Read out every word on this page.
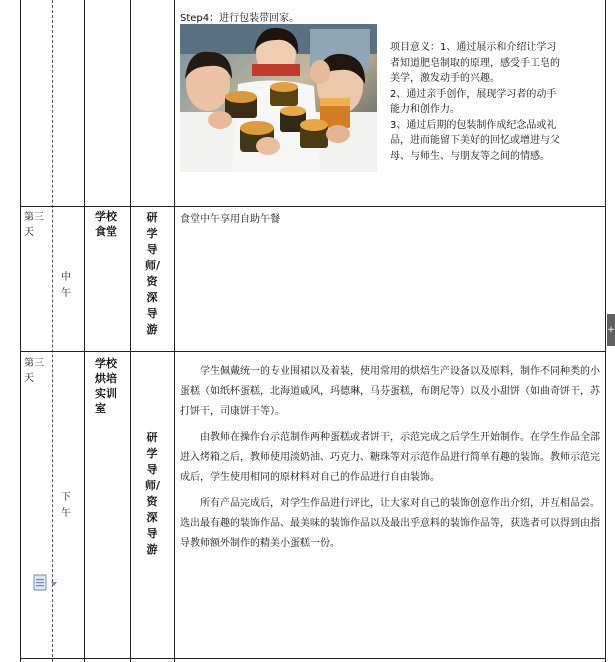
Step4：进行包装带回家。
项目意义：1、通过展示和介绍让学习
者知道肥皂制取的原理，感受手工皂的
美学，激发动手的兴趣。
2、通过亲手创作，展现学习者的动手
能力和创作力。
3、通过后期的包装制作成纪念品或礼
品，进而能留下美好的回忆或增进与父
母、与师生、与朋友等之间的情感。
第三
天
中午
学校食堂
研学导师/资深导游
食堂中午享用自助午餐
第三
天
下午
学校烘培实训室
研学导师/资深导游

学生佩戴统一的专业围裙以及着装，使用常用的烘焙生产设备以及原料，制作不同种类的小蛋糕（如纸杯蛋糕，北海道戚风，玛德琳，马芬蛋糕，布朗尼等）以及小甜饼（如曲奇饼干，苏打饼干，司康饼干等）。

由教师在操作台示范制作两种蛋糕或者饼干，示范完成之后学生开始制作。在学生作品全部进入烤箱之后，教师使用淡奶油、巧克力、糖珠等对示范作品进行简单有趣的装饰。教师示范完成后，学生使用相同的原材料对自己的作品进行自由装饰。

所有产品完成后，对学生作品进行评比，让大家对自己的装饰创意作出介绍，并互相品尝。选出最有趣的装饰作品、最美味的装饰作品以及最出乎意料的装饰作品等，获选者可以得到由指导教师额外制作的精美小蛋糕一份。

+
